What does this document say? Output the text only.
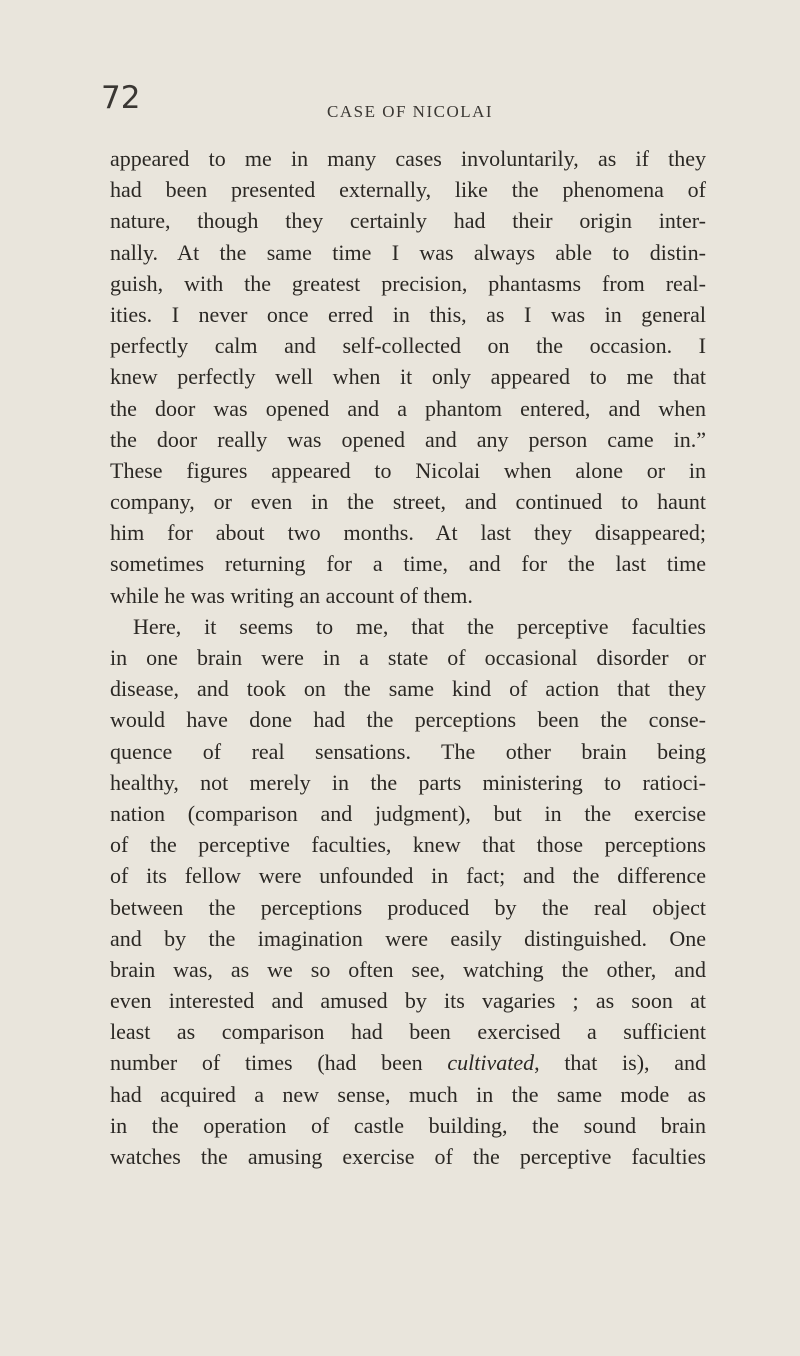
72	CASE OF NICOLAI
appeared to me in many cases involuntarily, as if they
had been presented externally, like the phenomena of
nature, though they certainly had their origin inter-
nally. At the same time I was always able to distin-
guish, with the greatest precision, phantasms from real-
ities. I never once erred in this, as I was in general
perfectly calm and self-collected on the occasion. I
knew perfectly well when it only appeared to me that
the door was opened and a phantom entered, and when
the door really was opened and any person came in.”
These figures appeared to Nicolai when alone or in
company, or even in the street, and continued to haunt
him for about two months. At last they disappeared;
sometimes returning for a time, and for the last time
while he was writing an account of them.
Here, it seems to me, that the perceptive faculties
in one brain were in a state of occasional disorder or
disease, and took on the same kind of action that they
would have done had the perceptions been the conse-
quence of real sensations. The other brain being
healthy, not merely in the parts ministering to ratioci-
nation (comparison and judgment), but in the exercise
of the perceptive faculties, knew that those perceptions
of its fellow were unfounded in fact; and the difference
between the perceptions produced by the real object
and by the imagination were easily distinguished. One
brain was, as we so often see, watching the other, and
even interested and amused by its vagaries ; as soon at
least as comparison had been exercised a sufficient
number of times (had been cultivated, that is), and
had acquired a new sense, much in the same mode as
in the operation of castle building, the sound brain
watches the amusing exercise of the perceptive faculties
